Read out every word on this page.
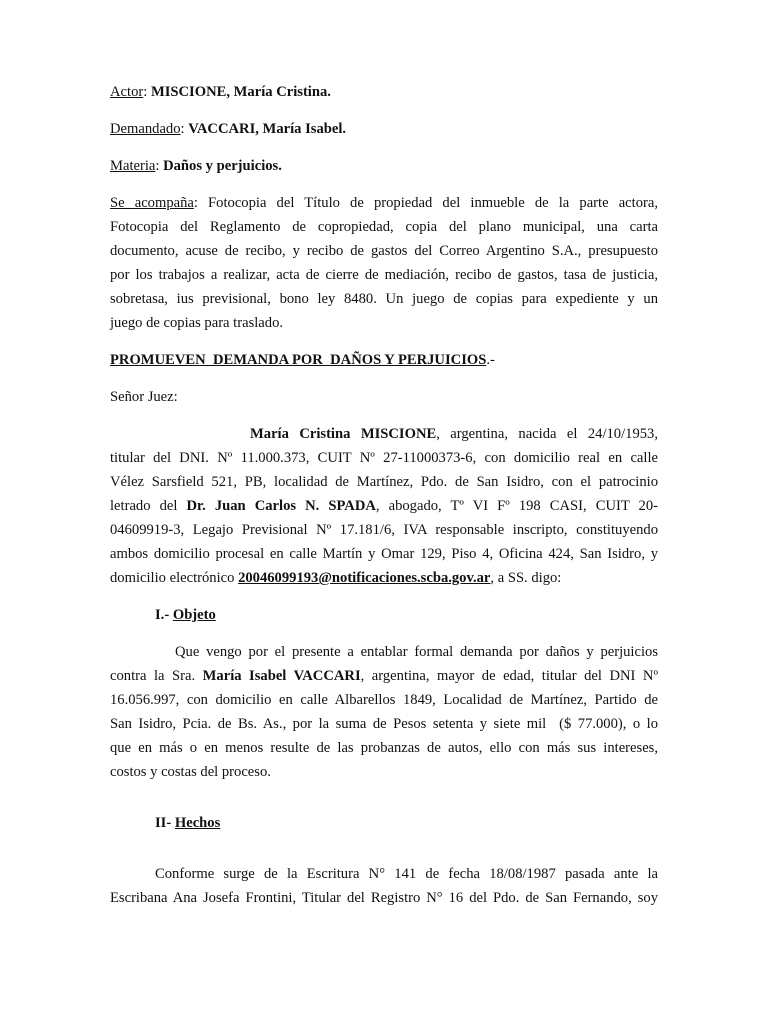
Actor: MISCIONE, María Cristina.
Demandado: VACCARI, María Isabel.
Materia: Daños y perjuicios.
Se acompaña: Fotocopia del Título de propiedad del inmueble de la parte actora,
Fotocopia del Reglamento de copropiedad, copia del plano municipal, una carta
documento, acuse de recibo, y recibo de gastos del Correo Argentino S.A., presupuesto
por los trabajos a realizar, acta de cierre de mediación, recibo de gastos, tasa de justicia,
sobretasa, ius previsional, bono ley 8480. Un juego de copias para expediente y un
juego de copias para traslado.
PROMUEVEN  DEMANDA POR  DAÑOS Y PERJUICIOS.-
Señor Juez:
María Cristina MISCIONE, argentina, nacida el 24/10/1953,
titular del DNI. Nº 11.000.373, CUIT Nº 27-11000373-6, con domicilio real en calle
Vélez Sarsfield 521, PB, localidad de Martínez, Pdo. de San Isidro, con el patrocinio
letrado del Dr. Juan Carlos N. SPADA, abogado, Tº VI Fº 198 CASI, CUIT 20-
04609919-3, Legajo Previsional Nº 17.181/6, IVA responsable inscripto, constituyendo
ambos domicilio procesal en calle Martín y Omar 129, Piso 4, Oficina 424, San Isidro, y
domicilio electrónico 20046099193@notificaciones.scba.gov.ar, a SS. digo:
I.- Objeto
Que vengo por el presente a entablar formal demanda por daños y perjuicios
contra la Sra. María Isabel VACCARI, argentina, mayor de edad, titular del DNI Nº
16.056.997, con domicilio en calle Albarellos 1849, Localidad de Martínez, Partido de
San Isidro, Pcia. de Bs. As., por la suma de Pesos setenta y siete mil  ($ 77.000), o lo
que en más o en menos resulte de las probanzas de autos, ello con más sus intereses,
costos y costas del proceso.
II- Hechos
Conforme surge de la Escritura N° 141 de fecha 18/08/1987 pasada ante la
Escribana Ana Josefa Frontini, Titular del Registro N° 16 del Pdo. de San Fernando, soy
